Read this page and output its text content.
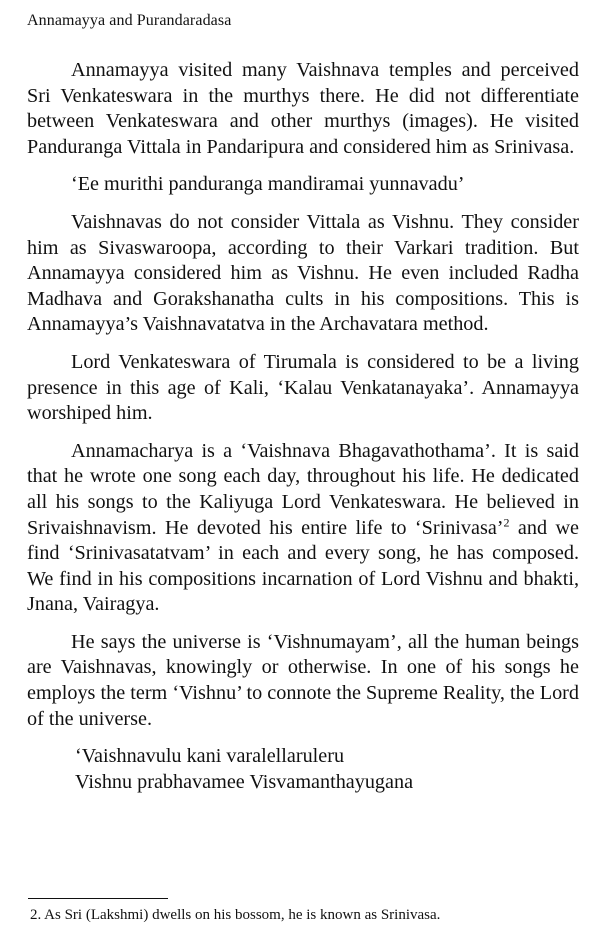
Annamayya and Purandaradasa

Annamayya visited many Vaishnava temples and perceived Sri Venkateswara in the murthys there. He did not differentiate between Venkateswara and other murthys (images). He visited Panduranga Vittala in Pandaripura and considered him as Srinivasa.

‘Ee murithi panduranga mandiramai yunnavadu’

Vaishnavas do not consider Vittala as Vishnu. They consider him as Sivaswaroopa, according to their Varkari tradition. But Annamayya considered him as Vishnu. He even included Radha Madhava and Gorakshanatha cults in his compositions. This is Annamayya’s Vaishnavatatva in the Archavatara method.

Lord Venkateswara of Tirumala is considered to be a living presence in this age of Kali, ‘Kalau Venkatanayaka’. Annamayya worshiped him.

Annamacharya is a ‘Vaishnava Bhagavathothama’. It is said that he wrote one song each day, throughout his life. He dedicated all his songs to the Kaliyuga Lord Venkateswara. He believed in Srivaishnavism. He devoted his entire life to ‘Srinivasa’$^2$ and we find ‘Srinivasatatvam’ in each and every song, he has composed. We find in his compositions incarnation of Lord Vishnu and bhakti, Jnana, Vairagya.

He says the universe is ‘Vishnumayam’, all the human beings are Vaishnavas, knowingly or otherwise. In one of his songs he employs the term ‘Vishnu’ to connote the Supreme Reality, the Lord of the universe.

‘Vaishnavulu kani varalellaruleru
Vishnu prabhavamee Visvamanthayugana
2. As Sri (Lakshmi) dwells on his bossom, he is known as Srinivasa.
